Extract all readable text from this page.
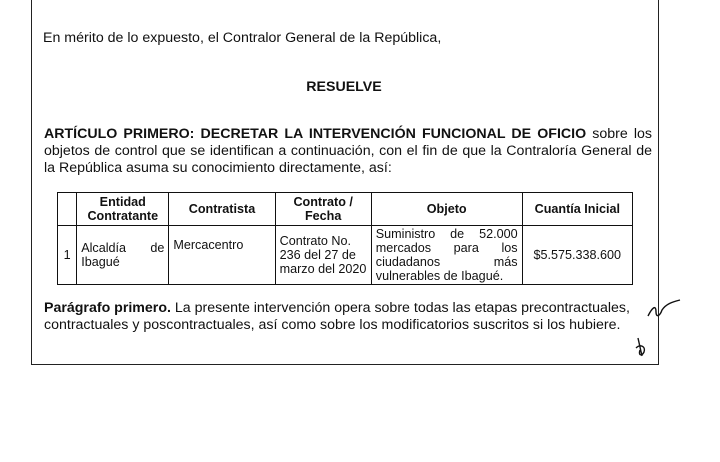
En mérito de lo expuesto, el Contralor General de la República,
RESUELVE
ARTÍCULO PRIMERO: DECRETAR LA INTERVENCIÓN FUNCIONAL DE OFICIO sobre los objetos de control que se identifican a continuación, con el fin de que la Contraloría General de la República asuma su conocimiento directamente, así:
	Entidad Contratante	Contratista	Contrato / Fecha	Objeto	Cuantía Inicial
1	Alcaldía de Ibagué	Mercacentro	Contrato No. 236 del 27 de marzo del 2020	Suministro de 52.000 mercados para los ciudadanos más vulnerables de Ibagué.	$5.575.338.600
Parágrafo primero. La presente intervención opera sobre todas las etapas precontractuales, contractuales y poscontractuales, así como sobre los modificatorios suscritos si los hubiere.
